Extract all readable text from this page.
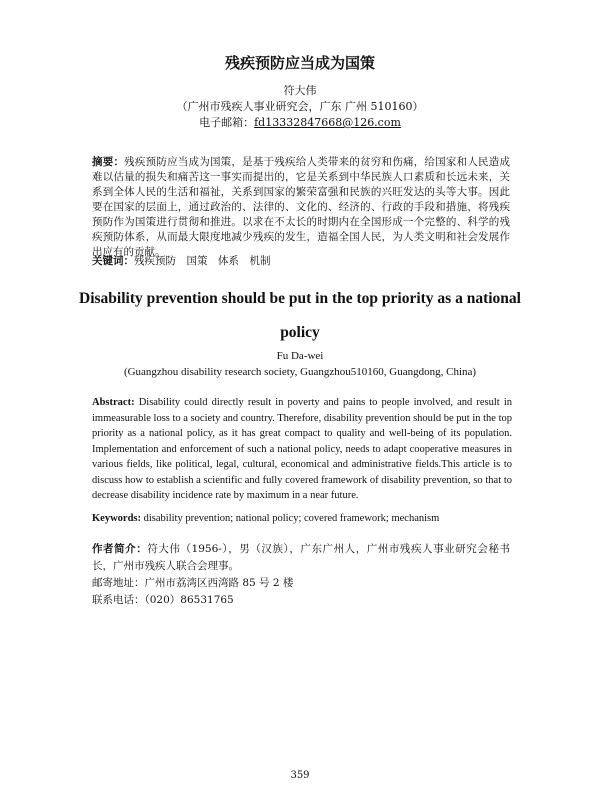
残疾预防应当成为国策
符大伟
（广州市残疾人事业研究会，广东 广州 510160）
电子邮箱：fd13332847668@126.com
摘要：残疾预防应当成为国策，是基于残疾给人类带来的贫穷和伤痛，给国家和人民造成难以估量的损失和痛苦这一事实而提出的，它是关系到中华民族人口素质和长远未来，关系到全体人民的生活和福祉，关系到国家的繁荣富强和民族的兴旺发达的头等大事。因此要在国家的层面上，通过政治的、法律的、文化的、经济的、行政的手段和措施，将残疾预防作为国策进行贯彻和推进。以求在不太长的时期内在全国形成一个完整的、科学的残疾预防体系，从而最大限度地减少残疾的发生，造福全国人民，为人类文明和社会发展作出应有的贡献。
关键词：残疾预防　国策　体系　机制
Disability prevention should be put in the top priority as a national
policy
Fu Da-wei
(Guangzhou disability research society, Guangzhou510160, Guangdong, China)
Abstract: Disability could directly result in poverty and pains to people involved, and result in immeasurable loss to a society and country. Therefore, disability prevention should be put in the top priority as a national policy, as it has great compact to quality and well-being of its population. Implementation and enforcement of such a national policy, needs to adapt cooperative measures in various fields, like political, legal, cultural, economical and administrative fields.This article is to discuss how to establish a scientific and fully covered framework of disability prevention, so that to decrease disability incidence rate by maximum in a near future.
Keywords: disability prevention; national policy; covered framework; mechanism
作者简介：符大伟（1956-），男（汉族），广东广州人，广州市残疾人事业研究会秘书长，广州市残疾人联合会理事。
邮寄地址：广州市荔湾区西湾路 85 号 2 楼
联系电话：（020）86531765
359
